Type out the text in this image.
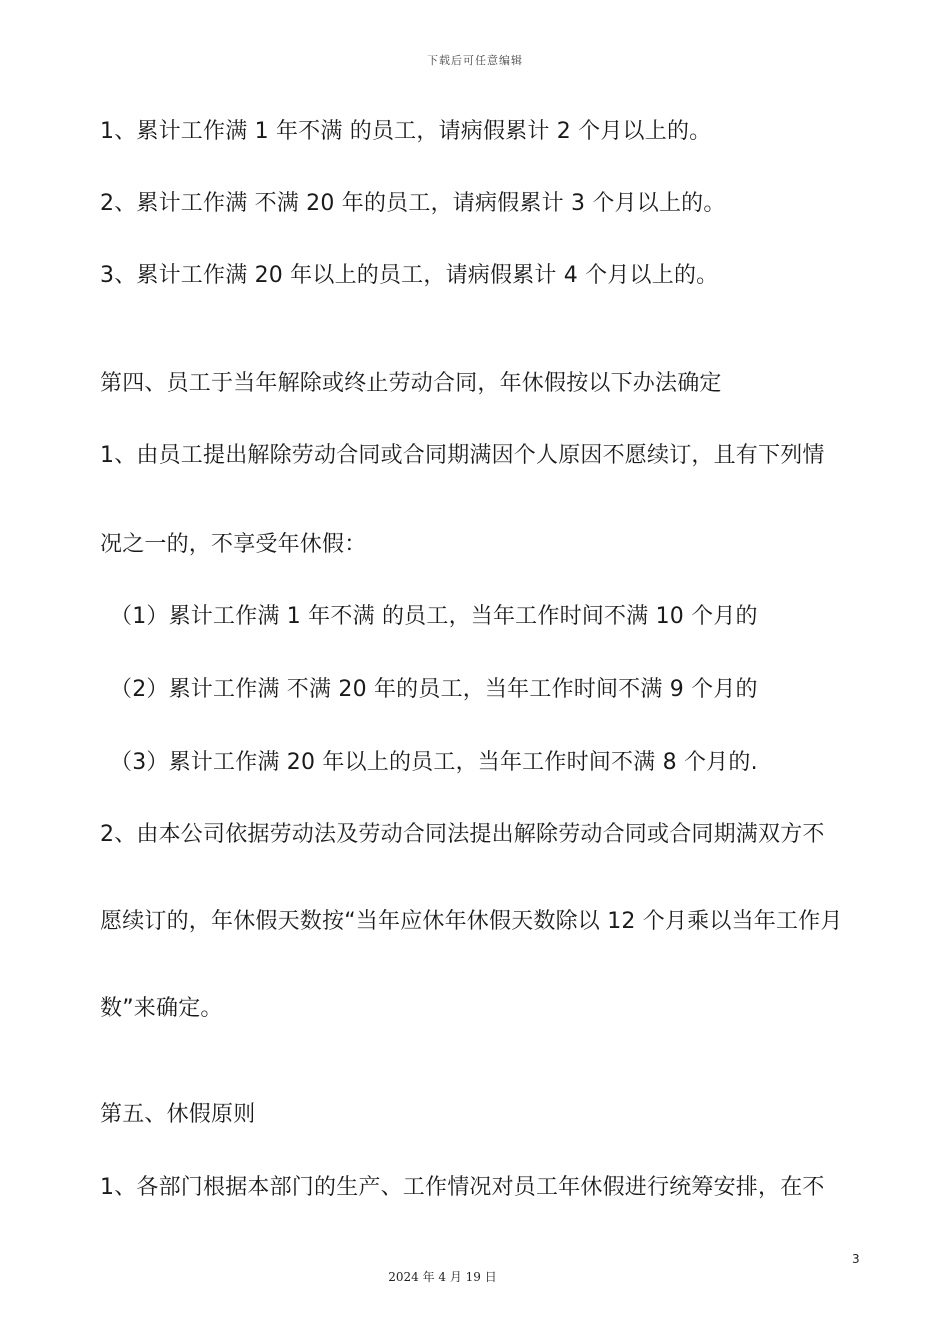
下载后可任意编辑
1、累计工作满 1 年不满 的员工，请病假累计 2 个月以上的。
2、累计工作满 不满 20 年的员工，请病假累计 3 个月以上的。
3、累计工作满 20 年以上的员工，请病假累计 4 个月以上的。
第四、员工于当年解除或终止劳动合同，年休假按以下办法确定
1、由员工提出解除劳动合同或合同期满因个人原因不愿续订，且有下列情
况之一的，不享受年休假：
（1）累计工作满 1 年不满 的员工，当年工作时间不满 10 个月的
（2）累计工作满 不满 20 年的员工，当年工作时间不满 9 个月的
（3）累计工作满 20 年以上的员工，当年工作时间不满 8 个月的.
2、由本公司依据劳动法及劳动合同法提出解除劳动合同或合同期满双方不
愿续订的，年休假天数按“当年应休年休假天数除以 12 个月乘以当年工作月
数”来确定。
第五、休假原则
1、各部门根据本部门的生产、工作情况对员工年休假进行统筹安排，在不
3
2024 年 4 月 19 日
